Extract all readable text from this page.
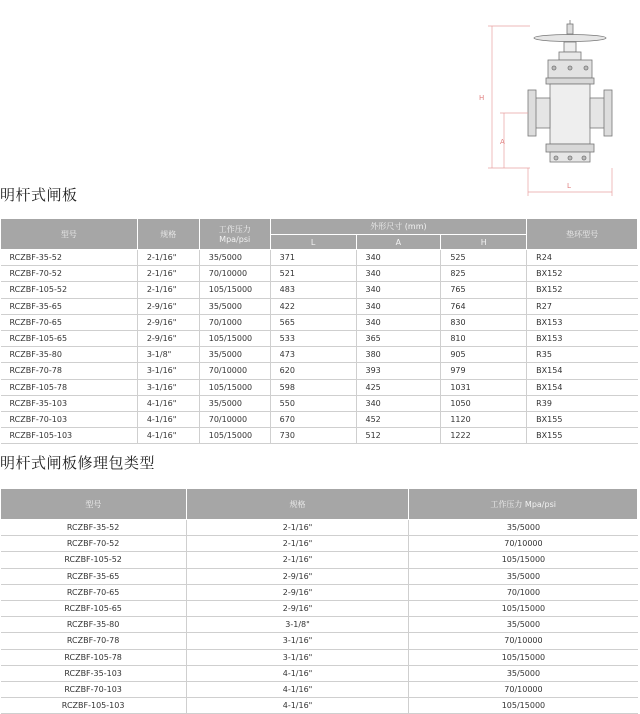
H
A
L
明杆式闸板
型号	规格	工作压力
Mpa/psi	外形尺寸 (mm)			垫环型号
			L	A	H	
RCZBF-35-52	2-1/16"	35/5000	371	340	525	R24
RCZBF-70-52	2-1/16"	70/10000	521	340	825	BX152
RCZBF-105-52	2-1/16"	105/15000	483	340	765	BX152
RCZBF-35-65	2-9/16"	35/5000	422	340	764	R27
RCZBF-70-65	2-9/16"	70/1000	565	340	830	BX153
RCZBF-105-65	2-9/16"	105/15000	533	365	810	BX153
RCZBF-35-80	3-1/8"	35/5000	473	380	905	R35
RCZBF-70-78	3-1/16"	70/10000	620	393	979	BX154
RCZBF-105-78	3-1/16"	105/15000	598	425	1031	BX154
RCZBF-35-103	4-1/16"	35/5000	550	340	1050	R39
RCZBF-70-103	4-1/16"	70/10000	670	452	1120	BX155
RCZBF-105-103	4-1/16"	105/15000	730	512	1222	BX155
明杆式闸板修理包类型
型号	规格	工作压力 Mpa/psi
RCZBF-35-52	2-1/16"	35/5000
RCZBF-70-52	2-1/16"	70/10000
RCZBF-105-52	2-1/16"	105/15000
RCZBF-35-65	2-9/16"	35/5000
RCZBF-70-65	2-9/16"	70/1000
RCZBF-105-65	2-9/16"	105/15000
RCZBF-35-80	3-1/8"	35/5000
RCZBF-70-78	3-1/16"	70/10000
RCZBF-105-78	3-1/16"	105/15000
RCZBF-35-103	4-1/16"	35/5000
RCZBF-70-103	4-1/16"	70/10000
RCZBF-105-103	4-1/16"	105/15000
